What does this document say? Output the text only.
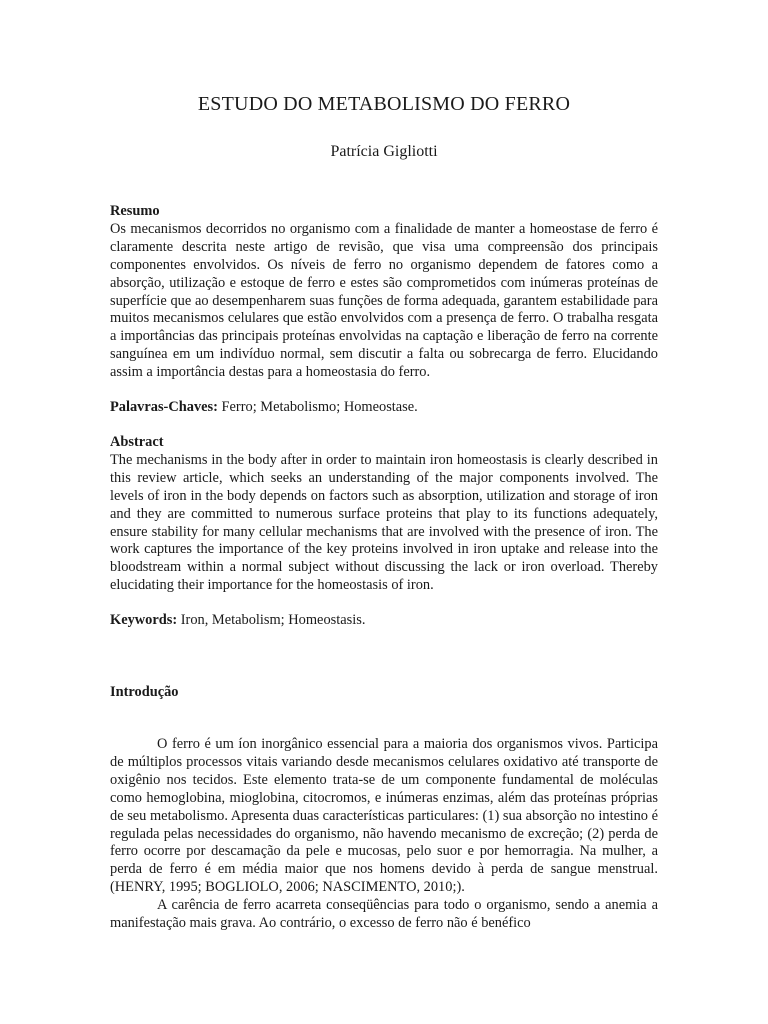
ESTUDO DO METABOLISMO DO FERRO

Patrícia Gigliotti

Resumo

Os mecanismos decorridos no organismo com a finalidade de manter a homeostase de ferro é claramente descrita neste artigo de revisão, que visa uma compreensão dos principais componentes envolvidos. Os níveis de ferro no organismo dependem de fatores como a absorção, utilização e estoque de ferro e estes são comprometidos com inúmeras proteínas de superfície que ao desempenharem suas funções de forma adequada, garantem estabilidade para muitos mecanismos celulares que estão envolvidos com a presença de ferro. O trabalha resgata a importâncias das principais proteínas envolvidas na captação e liberação de ferro na corrente sanguínea em um indivíduo normal, sem discutir a falta ou sobrecarga de ferro. Elucidando assim a importância destas para a homeostasia do ferro.

Palavras-Chaves: Ferro; Metabolismo; Homeostase.

Abstract

The mechanisms in the body after in order to maintain iron homeostasis is clearly described in this review article, which seeks an understanding of the major components involved. The levels of iron in the body depends on factors such as absorption, utilization and storage of iron and they are committed to numerous surface proteins that play to its functions adequately, ensure stability for many cellular mechanisms that are involved with the presence of iron. The work captures the importance of the key proteins involved in iron uptake and release into the bloodstream within a normal subject without discussing the lack or iron overload. Thereby elucidating their importance for the homeostasis of iron.

Keywords: Iron, Metabolism; Homeostasis.

Introdução

O ferro é um íon inorgânico essencial para a maioria dos organismos vivos. Participa de múltiplos processos vitais variando desde mecanismos celulares oxidativo até transporte de oxigênio nos tecidos. Este elemento trata-se de um componente fundamental de moléculas como hemoglobina, mioglobina, citocromos, e inúmeras enzimas, além das proteínas próprias de seu metabolismo. Apresenta duas características particulares: (1) sua absorção no intestino é regulada pelas necessidades do organismo, não havendo mecanismo de excreção; (2) perda de ferro ocorre por descamação da pele e mucosas, pelo suor e por hemorragia. Na mulher, a perda de ferro é em média maior que nos homens devido à perda de sangue menstrual. (HENRY, 1995; BOGLIOLO, 2006; NASCIMENTO, 2010;).

A carência de ferro acarreta conseqüências para todo o organismo, sendo a anemia a manifestação mais grava. Ao contrário, o excesso de ferro não é benéfico
